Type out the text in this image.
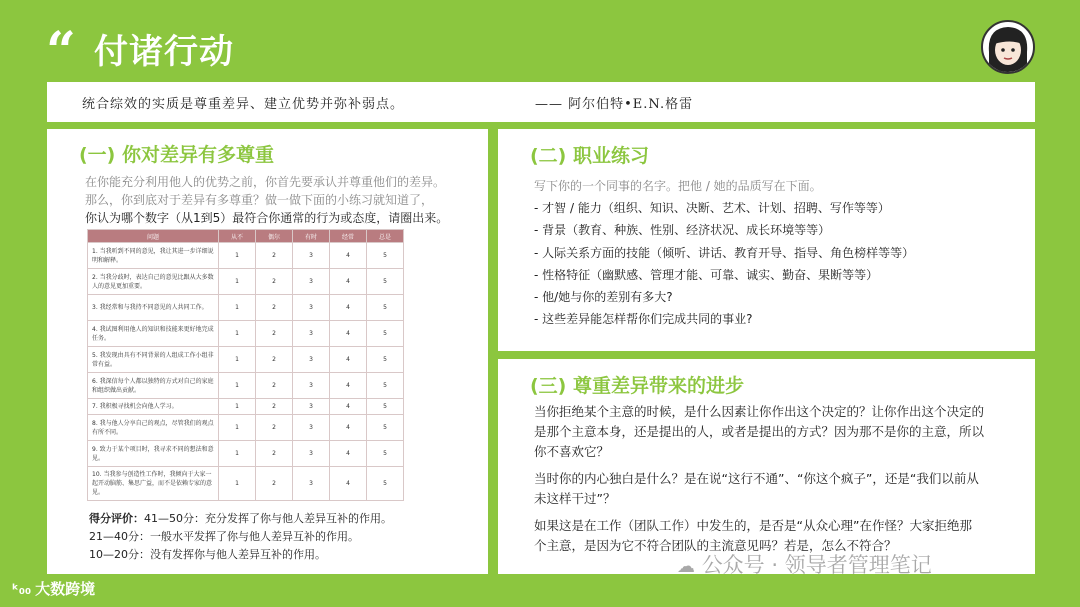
“ 付诸行动
统合综效的实质是尊重差异、建立优势并弥补弱点。	—— 阿尔伯特•E.N.格雷
(一) 你对差异有多尊重
在你能充分利用他人的优势之前，你首先要承认并尊重他们的差异。
那么，你到底对于差异有多尊重？做一做下面的小练习就知道了，
你认为哪个数字（从1到5）最符合你通常的行为或态度，请圈出来。
问题	从不	偶尔	有时	经常	总是
1. 当我听到不同的意见，我让其进一步详细说明和解释。	1	2	3	4	5
2. 当我分歧时，表达自己的意见比跟从大多数人的意见更加重要。	1	2	3	4	5
3. 我经常和与我持不同意见的人共同工作。	1	2	3	4	5
4. 我试图利用他人的知识和技能来更好地完成任务。	1	2	3	4	5
5. 我发现由具有不同背景的人组成工作小组非常有益。	1	2	3	4	5
6. 我深信每个人都以独特的方式对自己的家庭和组织做出贡献。	1	2	3	4	5
7. 我积极寻找机会向他人学习。	1	2	3	4	5
8. 我与他人分享自己的观点，尽管我们的观点有所不同。	1	2	3	4	5
9. 致力于某个项目时，我寻求不同的想法和意见。	1	2	3	4	5
10. 当我参与创造性工作时，我倾向于大家一起开动脑筋、集思广益，而不是依赖专家的意见。	1	2	3	4	5
得分评价：41—50分：充分发挥了你与他人差异互补的作用。
21—40分：一般水平发挥了你与他人差异互补的作用。
10—20分：没有发挥你与他人差异互补的作用。
(二) 职业练习
写下你的一个同事的名字。把他 / 她的品质写在下面。
- 才智 / 能力（组织、知识、决断、艺术、计划、招聘、写作等等）
- 背景（教育、种族、性别、经济状况、成长环境等等）
- 人际关系方面的技能（倾听、讲话、教育开导、指导、角色榜样等等）
- 性格特征（幽默感、管理才能、可靠、诚实、勤奋、果断等等）
- 他/她与你的差别有多大?
- 这些差异能怎样帮你们完成共同的事业?
(三) 尊重差异带来的进步
当你拒绝某个主意的时候，是什么因素让你作出这个决定的？让你作出这个决定的是那个主意本身，还是提出的人，或者是提出的方式？因为那不是你的主意，所以你不喜欢它？
当时你的内心独白是什么？是在说“这行不通”、“你这个疯子”，还是“我们以前从未这样干过”？
如果这是在工作（团队工作）中发生的，是否是“从众心理”在作怪？大家拒绝那个主意，是因为它不符合团队的主流意见吗？若是，怎么不符合？
ᵏ₀₀ 大数跨境
☁ 公众号 · 领导者管理笔记
